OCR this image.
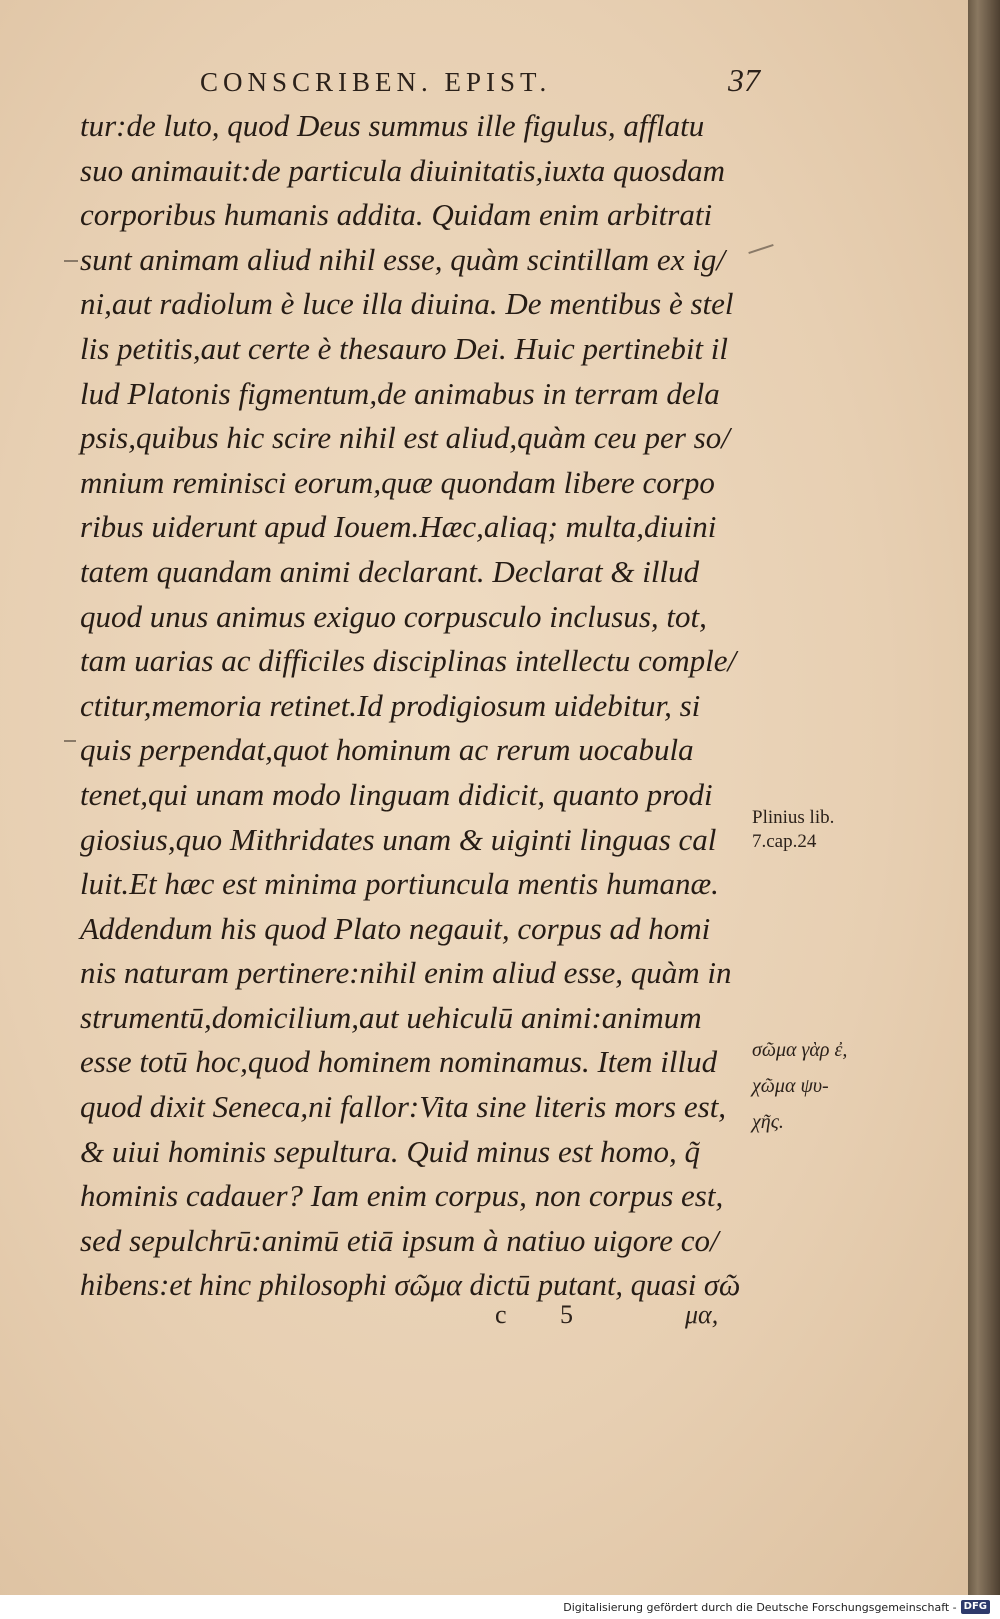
CONSCRIBEN. EPIST.	37
tur:de luto, quod Deus summus ille figulus, afflatu
suo animauit:de particula diuinitatis,iuxta quosdam
corporibus humanis addita. Quidam enim arbitrati
sunt animam aliud nihil esse, quàm scintillam ex ig/
ni,aut radiolum è luce illa diuina. De mentibus è stel
lis petitis,aut certe è thesauro Dei. Huic pertinebit il
lud Platonis figmentum,de animabus in terram dela
psis,quibus hic scire nihil est aliud,quàm ceu per so/
mnium reminisci eorum,quæ quondam libere corpo
ribus uiderunt apud Iouem.Hæc,aliaq; multa,diuini
tatem quandam animi declarant. Declarat & illud
quod unus animus exiguo corpusculo inclusus, tot,
tam uarias ac difficiles disciplinas intellectu comple/
ctitur,memoria retinet.Id prodigiosum uidebitur, si
quis perpendat,quot hominum ac rerum uocabula
tenet,qui unam modo linguam didicit, quanto prodi
giosius,quo Mithridates unam & uiginti linguas cal
luit.Et hæc est minima portiuncula mentis humanæ.
Addendum his quod Plato negauit, corpus ad homi
nis naturam pertinere:nihil enim aliud esse, quàm in
strumentū,domicilium,aut uehiculū animi:animum
esse totū hoc,quod hominem nominamus. Item illud
quod dixit Seneca,ni fallor:Vita sine literis mors est,
& uiui hominis sepultura. Quid minus est homo, q̃
hominis cadauer? Iam enim corpus, non corpus est,
sed sepulchrū:animū etiā ipsum à natiuo uigore co/
hibens:et hinc philosophi σῶμα dictū putant, quasi σῶ
c 5	μα,
Plinius lib.
7.cap.24
σῶμα γὰρ ἐ,
χῶμα ψυ-
χῆς.
Digitalisierung gefördert durch die Deutsche Forschungsgemeinschaft - DFG
